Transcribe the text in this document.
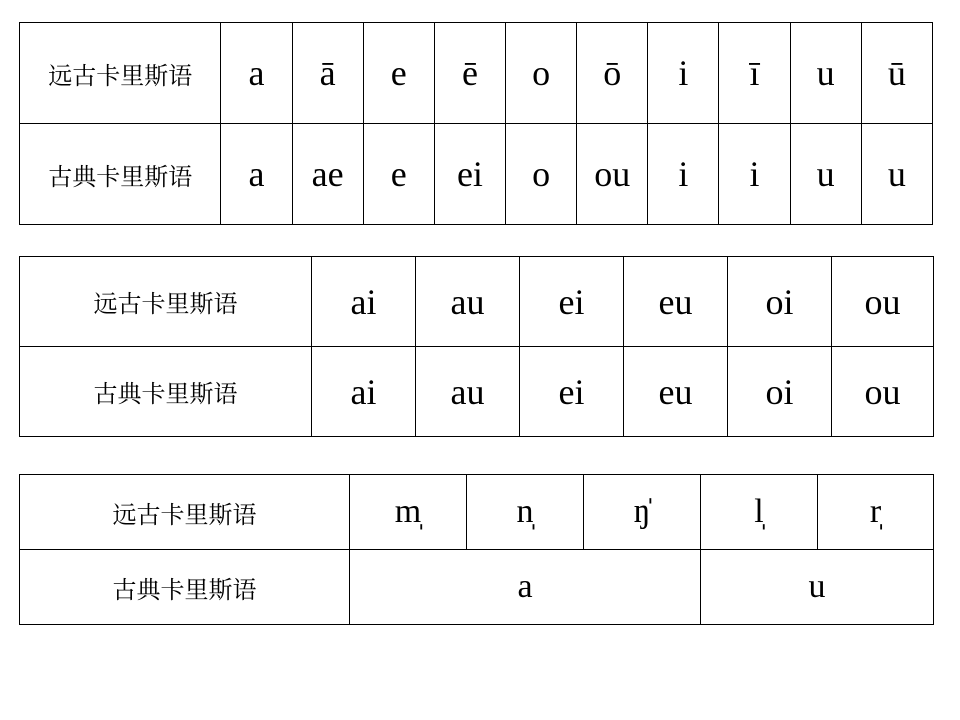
远古卡里斯语	a	ā	e	ē	o	ō	i	ī	u	ū
古典卡里斯语	a	ae	e	ei	o	ou	i	i	u	u
远古卡里斯语	ai	au	ei	eu	oi	ou
古典卡里斯语	ai	au	ei	eu	oi	ou
远古卡里斯语	m̩	n̩	ŋ̍	l̩	r̩
古典卡里斯语	a			u	
